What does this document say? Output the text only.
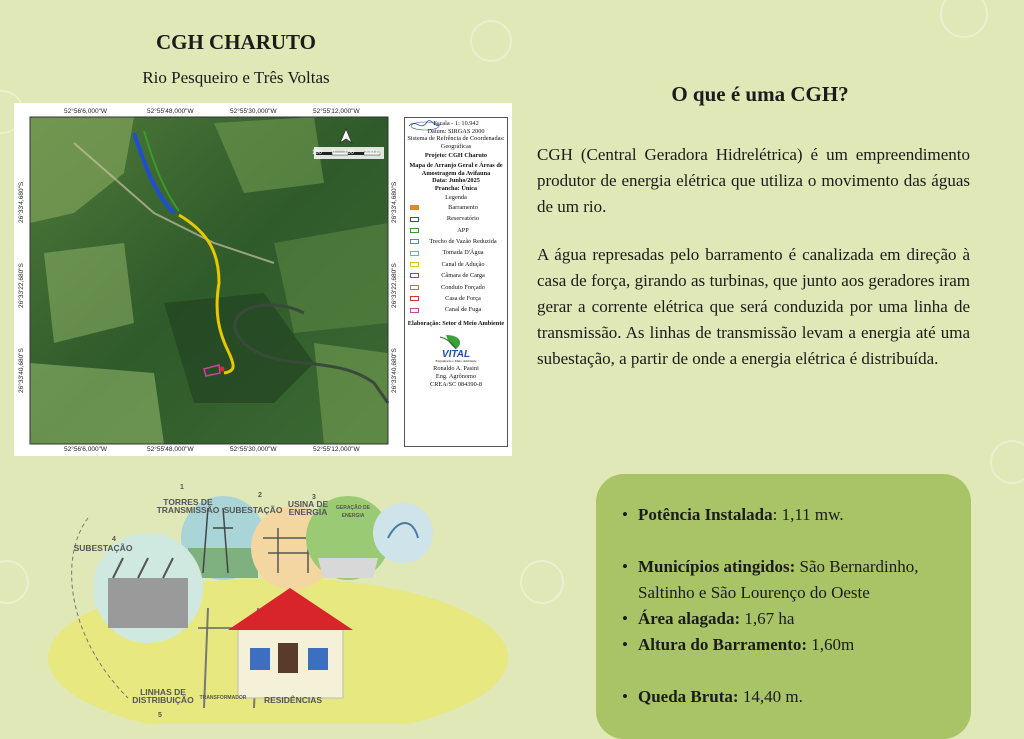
CGH CHARUTO
Rio Pesqueiro e Três Voltas
52°56'6,000"W	52°55'48,000"W	52°55'30,000"W	52°55'12,000"W
52°56'6,000"W	52°55'48,000"W	52°55'30,000"W	52°55'12,000"W
26°33'4,680"S
26°33'22,680"S
26°33'40,680"S
26°33'4,680"S
26°33'22,680"S
26°33'40,680"S
100 0 100 200 m
Escala - 1: 10.942
Datum: SIRGAS 2000
Sistema de Refrência de Coordenadas: Geográficas
Projeto: CGH Charuto
Mapa de Arranjo Geral e Áreas de Amostragem da Avifauna
Data: Junho/2025
Prancha: Única
Legenda
Barramento
Reservatório
APP
Trecho de Vazão Reduzida
Tomada D'Água
Canal de Adução
Câmara de Carga
Conduto Forçado
Casa de Força
Canal de Fuga
Elaboração: Setor d Meio Ambiente
VITAL
Engenharia e Meio Ambiente
Ronaldo A. Pasini
Eng. Agrônomo
CREA/SC 084390-8
O que é uma CGH?
CGH (Central Geradora Hidrelétrica) é um empreendimento produtor de energia elétrica que utiliza o movimento das águas de um rio.
A água represadas pelo barramento é canalizada em direção à casa de força, girando as turbinas, que junto aos geradores iram gerar a corrente elétrica que será conduzida por uma linha de transmissão. As linhas de transmissão levam a energia até uma subestação, a partir de onde a energia elétrica é distribuída.
TORRES DE TRANSMISSÃO SUBESTAÇÃO
USINA DE ENERGIA	GERAÇÃO DE ENERGIA
SUBESTAÇÃO
LINHAS DE DISTRIBUIÇÃO	TRANSFORMADOR	RESIDÊNCIAS
1
2	3
4
5
• Potência Instalada: 1,11 mw.
• Municípios atingidos: São Bernardinho, Saltinho e São Lourenço do Oeste
• Área alagada: 1,67 ha
• Altura do Barramento: 1,60m
• Queda Bruta: 14,40 m.
